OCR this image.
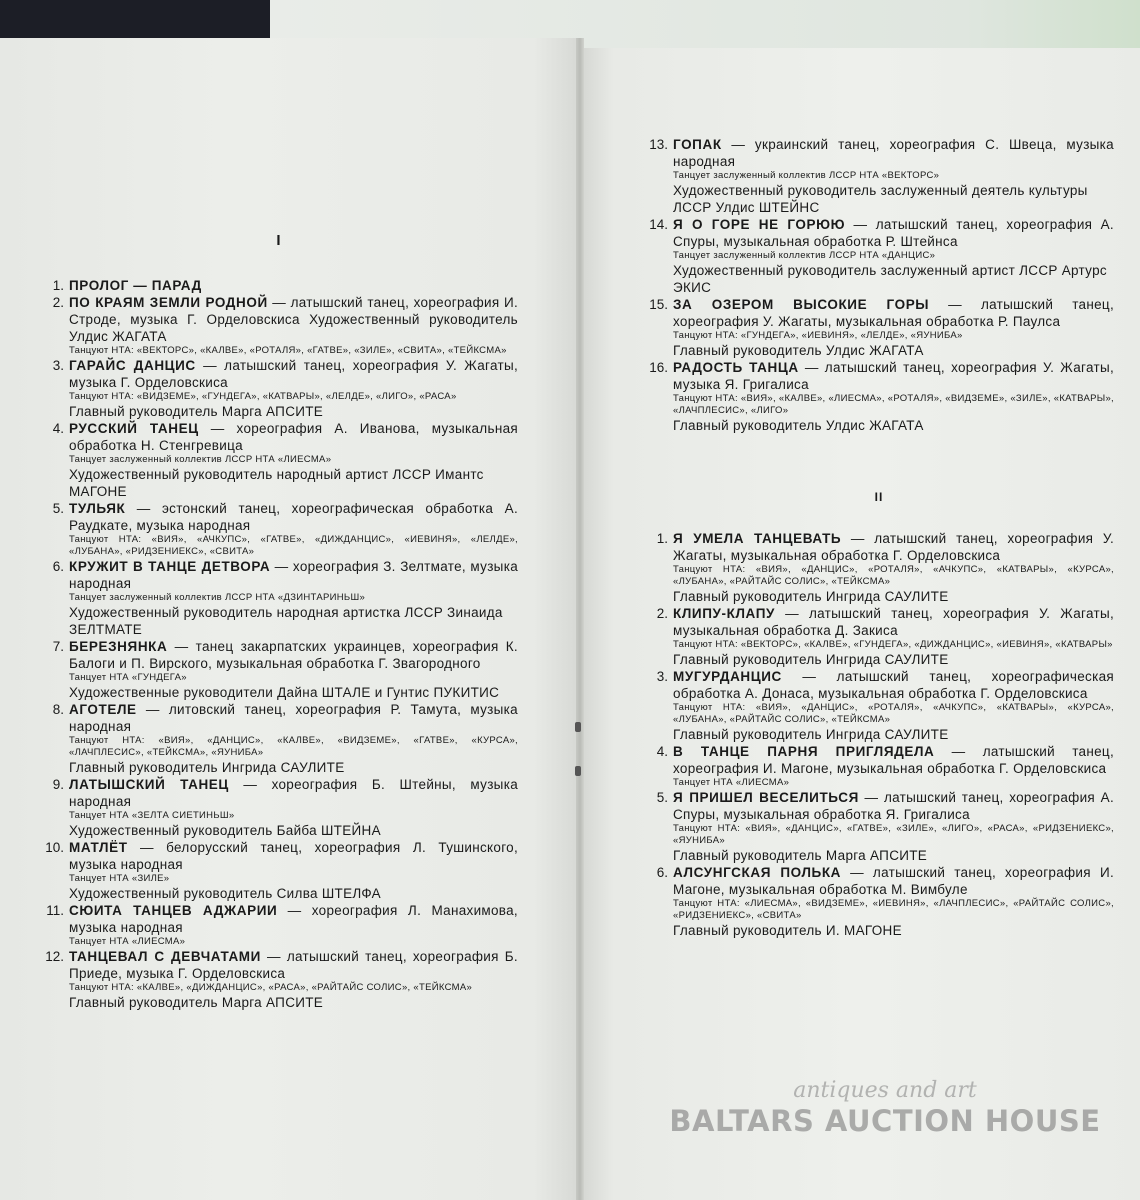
I
1. ПРОЛОГ — ПАРАД
2. ПО КРАЯМ ЗЕМЛИ РОДНОЙ — латышский танец, хореография И. Строде, музыка Г. Орделовскиса Художественный руководитель Улдис ЖАГАТА
Танцуют НТА: «ВЕКТОРС», «КАЛВЕ», «РОТАЛЯ», «ГАТВЕ», «ЗИЛЕ», «СВИТА», «ТЕЙКСМА»
3. ГАРАЙС ДАНЦИС — латышский танец, хореография У. Жагаты, музыка Г. Орделовскиса
Танцуют НТА: «ВИДЗЕМЕ», «ГУНДЕГА», «КАТВАРЫ», «ЛЕЛДЕ», «ЛИГО», «РАСА»
Главный руководитель Марга АПСИТЕ
4. РУССКИЙ ТАНЕЦ — хореография А. Иванова, музыкальная обработка Н. Стенгревица
Танцует заслуженный коллектив ЛССР НТА «ЛИЕСМА»
Художественный руководитель народный артист ЛССР Имантс МАГОНЕ
5. ТУЛЬЯК — эстонский танец, хореографическая обработка А. Раудкате, музыка народная
Танцуют НТА: «ВИЯ», «АЧКУПС», «ГАТВЕ», «ДИЖДАНЦИС», «ИЕВИНЯ», «ЛЕЛДЕ», «ЛУБАНА», «РИДЗЕНИЕКС», «СВИТА»
6. КРУЖИТ В ТАНЦЕ ДЕТВОРА — хореография З. Зелтмате, музыка народная
Танцует заслуженный коллектив ЛССР НТА «ДЗИНТАРИНЬШ»
Художественный руководитель народная артистка ЛССР Зинаида ЗЕЛТМАТЕ
7. БЕРЕЗНЯНКА — танец закарпатских украинцев, хореография К. Балоги и П. Вирского, музыкальная обработка Г. Звагородного
Танцует НТА «ГУНДЕГА»
Художественные руководители Дайна ШТАЛЕ и Гунтис ПУКИТИС
8. АГОТЕЛЕ — литовский танец, хореография Р. Тамута, музыка народная
Танцуют НТА: «ВИЯ», «ДАНЦИС», «КАЛВЕ», «ВИДЗЕМЕ», «ГАТВЕ», «КУРСА», «ЛАЧПЛЕСИС», «ТЕЙКСМА», «ЯУНИБА»
Главный руководитель Ингрида САУЛИТЕ
9. ЛАТЫШСКИЙ ТАНЕЦ — хореография Б. Штейны, музыка народная
Танцует НТА «ЗЕЛТА СИЕТИНЬШ»
Художественный руководитель Байба ШТЕЙНА
10. МАТЛЁТ — белорусский танец, хореография Л. Тушинского, музыка народная
Танцует НТА «ЗИЛЕ»
Художественный руководитель Силва ШТЕЛФА
11. СЮИТА ТАНЦЕВ АДЖАРИИ — хореография Л. Манахимова, музыка народная
Танцует НТА «ЛИЕСМА»
12. ТАНЦЕВАЛ С ДЕВЧАТАМИ — латышский танец, хореография Б. Приеде, музыка Г. Орделовскиса
Танцуют НТА: «КАЛВЕ», «ДИЖДАНЦИС», «РАСА», «РАЙТАЙС СОЛИС», «ТЕЙКСМА»
Главный руководитель Марга АПСИТЕ
13. ГОПАК — украинский танец, хореография С. Швеца, музыка народная
Танцует заслуженный коллектив ЛССР НТА «ВЕКТОРС»
Художественный руководитель заслуженный деятель культуры ЛССР Улдис ШТЕЙНС
14. Я О ГОРЕ НЕ ГОРЮЮ — латышский танец, хореография А. Спуры, музыкальная обработка Р. Штейнса
Танцует заслуженный коллектив ЛССР НТА «ДАНЦИС»
Художественный руководитель заслуженный артист ЛССР Артурс ЭКИС
15. ЗА ОЗЕРОМ ВЫСОКИЕ ГОРЫ — латышский танец, хореография У. Жагаты, музыкальная обработка Р. Паулса
Танцуют НТА: «ГУНДЕГА», «ИЕВИНЯ», «ЛЕЛДЕ», «ЯУНИБА»
Главный руководитель Улдис ЖАГАТА
16. РАДОСТЬ ТАНЦА — латышский танец, хореография У. Жагаты, музыка Я. Григалиса
Танцуют НТА: «ВИЯ», «КАЛВЕ», «ЛИЕСМА», «РОТАЛЯ», «ВИДЗЕМЕ», «ЗИЛЕ», «КАТВАРЫ», «ЛАЧПЛЕСИС», «ЛИГО»
Главный руководитель Улдис ЖАГАТА
II
1. Я УМЕЛА ТАНЦЕВАТЬ — латышский танец, хореография У. Жагаты, музыкальная обработка Г. Орделовскиса
Танцуют НТА: «ВИЯ», «ДАНЦИС», «РОТАЛЯ», «АЧКУПС», «КАТВАРЫ», «КУРСА», «ЛУБАНА», «РАЙТАЙС СОЛИС», «ТЕЙКСМА»
Главный руководитель Ингрида САУЛИТЕ
2. КЛИПУ-КЛАПУ — латышский танец, хореография У. Жагаты, музыкальная обработка Д. Закиса
Танцуют НТА: «ВЕКТОРС», «КАЛВЕ», «ГУНДЕГА», «ДИЖДАНЦИС», «ИЕВИНЯ», «КАТВАРЫ»
Главный руководитель Ингрида САУЛИТЕ
3. МУГУРДАНЦИС — латышский танец, хореографическая обработка А. Донаса, музыкальная обработка Г. Орделовскиса
Танцуют НТА: «ВИЯ», «ДАНЦИС», «РОТАЛЯ», «АЧКУПС», «КАТВАРЫ», «КУРСА», «ЛУБАНА», «РАЙТАЙС СОЛИС», «ТЕЙКСМА»
Главный руководитель Ингрида САУЛИТЕ
4. В ТАНЦЕ ПАРНЯ ПРИГЛЯДЕЛА — латышский танец, хореография И. Магоне, музыкальная обработка Г. Орделовскиса
Танцует НТА «ЛИЕСМА»
5. Я ПРИШЕЛ ВЕСЕЛИТЬСЯ — латышский танец, хореография А. Спуры, музыкальная обработка Я. Григалиса
Танцуют НТА: «ВИЯ», «ДАНЦИС», «ГАТВЕ», «ЗИЛЕ», «ЛИГО», «РАСА», «РИДЗЕНИЕКС», «ЯУНИБА»
Главный руководитель Марга АПСИТЕ
6. АЛСУНГСКАЯ ПОЛЬКА — латышский танец, хореография И. Магоне, музыкальная обработка М. Вимбуле
Танцуют НТА: «ЛИЕСМА», «ВИДЗЕМЕ», «ИЕВИНЯ», «ЛАЧПЛЕСИС», «РАЙТАЙС СОЛИС», «РИДЗЕНИЕКС», «СВИТА»
Главный руководитель И. МАГОНЕ
antiques and art
BALTARS AUCTION HOUSE
